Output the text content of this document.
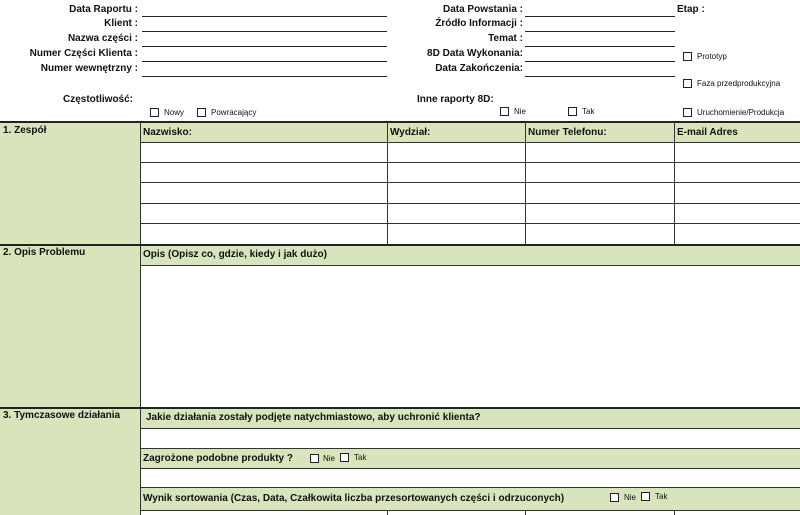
Data Raportu :
Klient :
Nazwa części :
Numer Części Klienta :
Numer wewnętrzny :
Data Powstania :
Źródło Informacji :
Temat :
8D Data Wykonania:
Data Zakończenia:
Etap :
Prototyp
Faza przedprodukcyjna
Uruchomienie/Produkcja
Częstotliwość:
Nowy	Powracający
Inne raporty 8D:
Nie	Tak
1. Zespół	Nazwisko:	Wydział:	Numer Telefonu:	E-mail Adres
2. Opis Problemu	Opis (Opisz co, gdzie, kiedy i jak dużo)
3. Tymczasowe działania	Jakie działania zostały podjęte natychmiastowo, aby uchronić klienta?
Zagrożone podobne produkty ?	Nie Tak
Wynik sortowania (Czas, Data, Czałkowita liczba przesortowanych części i odrzuconych)	Nie Tak
